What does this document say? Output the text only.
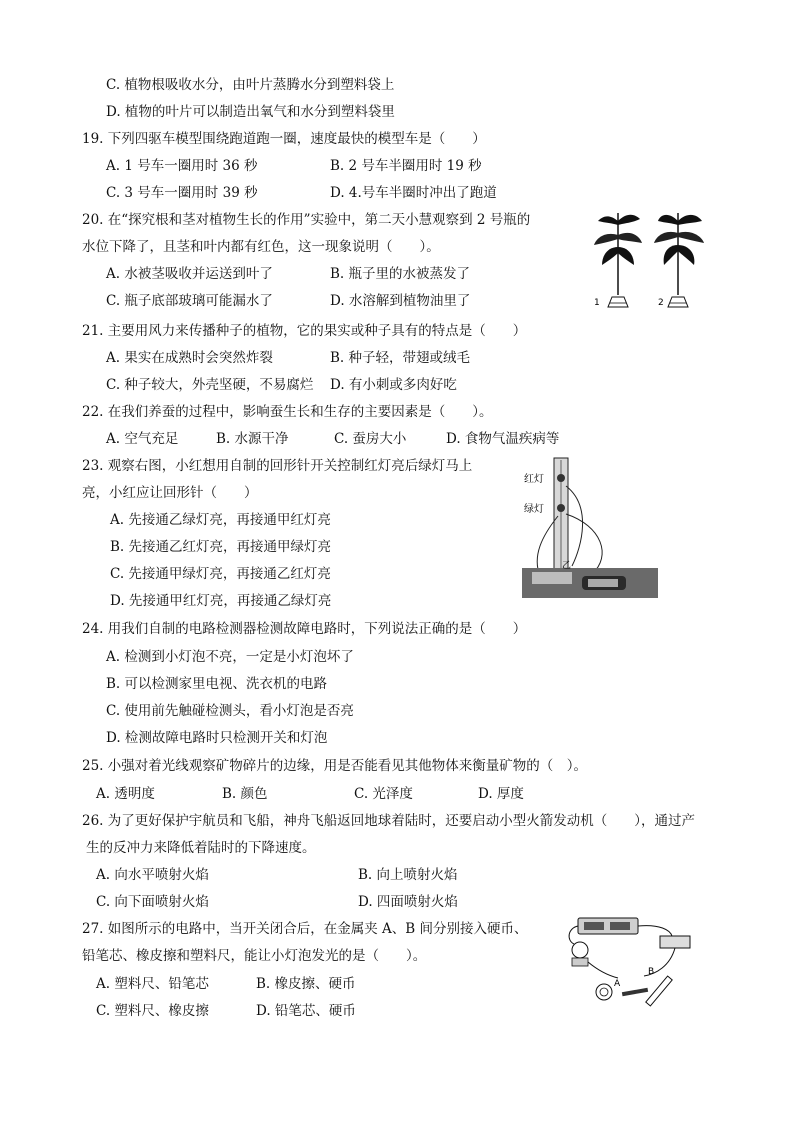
C. 植物根吸收水分，由叶片蒸腾水分到塑料袋上
D. 植物的叶片可以制造出氧气和水分到塑料袋里
19. 下列四驱车模型围绕跑道跑一圈，速度最快的模型车是（　　）
A. 1 号车一圈用时 36 秒	B. 2 号车半圈用时 19 秒
C. 3 号车一圈用时 39 秒	D. 4.号车半圈时冲出了跑道
20. 在“探究根和茎对植物生长的作用”实验中，第二天小慧观察到 2 号瓶的
水位下降了，且茎和叶内都有红色，这一现象说明（　　）。
A. 水被茎吸收并运送到叶了	B. 瓶子里的水被蒸发了
C. 瓶子底部玻璃可能漏水了	D. 水溶解到植物油里了	1	2
21. 主要用风力来传播种子的植物，它的果实或种子具有的特点是（　　）
A. 果实在成熟时会突然炸裂	B. 种子轻，带翅或绒毛
C. 种子较大，外壳坚硬，不易腐烂 D. 有小刺或多肉好吃
22. 在我们养蚕的过程中，影响蚕生长和生存的主要因素是（　　）。
A. 空气充足	B. 水源干净	C. 蚕房大小	D. 食物气温疾病等
23. 观察右图，小红想用自制的回形针开关控制红灯亮后绿灯马上
亮，小红应让回形针（　　）
A. 先接通乙绿灯亮，再接通甲红灯亮
B. 先接通乙红灯亮，再接通甲绿灯亮
C. 先接通甲绿灯亮，再接通乙红灯亮
D. 先接通甲红灯亮，再接通乙绿灯亮
红灯
绿灯
乙
24. 用我们自制的电路检测器检测故障电路时，下列说法正确的是（　　）
A. 检测到小灯泡不亮，一定是小灯泡坏了
B. 可以检测家里电视、洗衣机的电路
C. 使用前先触碰检测头，看小灯泡是否亮
D. 检测故障电路时只检测开关和灯泡
25. 小强对着光线观察矿物碎片的边缘，用是否能看见其他物体来衡量矿物的（　）。
A. 透明度	B. 颜色	C. 光泽度	D. 厚度
26. 为了更好保护宇航员和飞船，神舟飞船返回地球着陆时，还要启动小型火箭发动机（　　），通过产
生的反冲力来降低着陆时的下降速度。
A. 向水平喷射火焰	B. 向上喷射火焰
C. 向下面喷射火焰	D. 四面喷射火焰
27. 如图所示的电路中，当开关闭合后，在金属夹 A、B 间分别接入硬币、
铅笔芯、橡皮擦和塑料尺，能让小灯泡发光的是（　　）。
A. 塑料尺、铅笔芯	B. 橡皮擦、硬币
C. 塑料尺、橡皮擦	D. 铅笔芯、硬币
A
B
